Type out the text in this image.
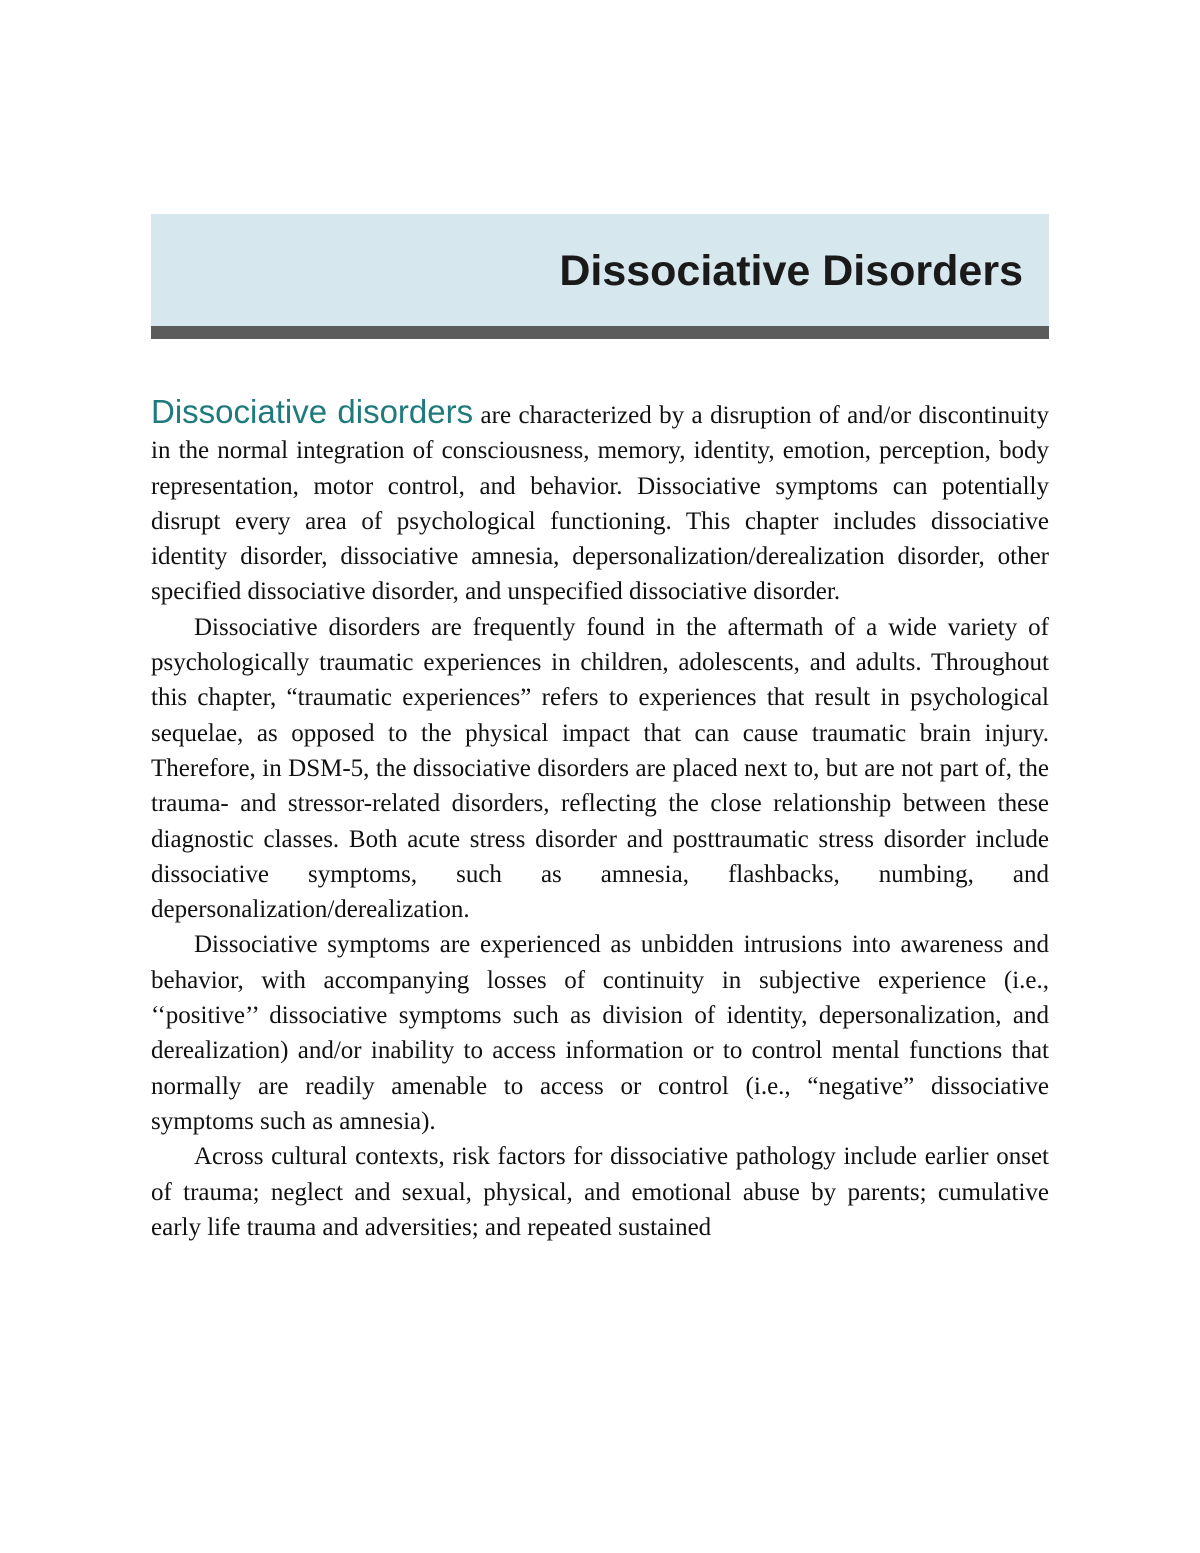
Dissociative Disorders

Dissociative disorders are characterized by a disruption of and/or discontinuity in the normal integration of consciousness, memory, identity, emotion, perception, body representation, motor control, and behavior. Dissociative symptoms can potentially disrupt every area of psychological functioning. This chapter includes dissociative identity disorder, dissociative amnesia, depersonalization/derealization disorder, other specified dissociative disorder, and unspecified dissociative disorder.

Dissociative disorders are frequently found in the aftermath of a wide variety of psychologically traumatic experiences in children, adolescents, and adults. Throughout this chapter, “traumatic experiences” refers to experiences that result in psychological sequelae, as opposed to the physical impact that can cause traumatic brain injury. Therefore, in DSM-5, the dissociative disorders are placed next to, but are not part of, the trauma- and stressor-related disorders, reflecting the close relationship between these diagnostic classes. Both acute stress disorder and posttraumatic stress disorder include dissociative symptoms, such as amnesia, flashbacks, numbing, and depersonalization/derealization.

Dissociative symptoms are experienced as unbidden intrusions into awareness and behavior, with accompanying losses of continuity in subjective experience (i.e., ‘‘positive’’ dissociative symptoms such as division of identity, depersonalization, and derealization) and/or inability to access information or to control mental functions that normally are readily amenable to access or control (i.e., “negative” dissociative symptoms such as amnesia).

Across cultural contexts, risk factors for dissociative pathology include earlier onset of trauma; neglect and sexual, physical, and emotional abuse by parents; cumulative early life trauma and adversities; and repeated sustained
